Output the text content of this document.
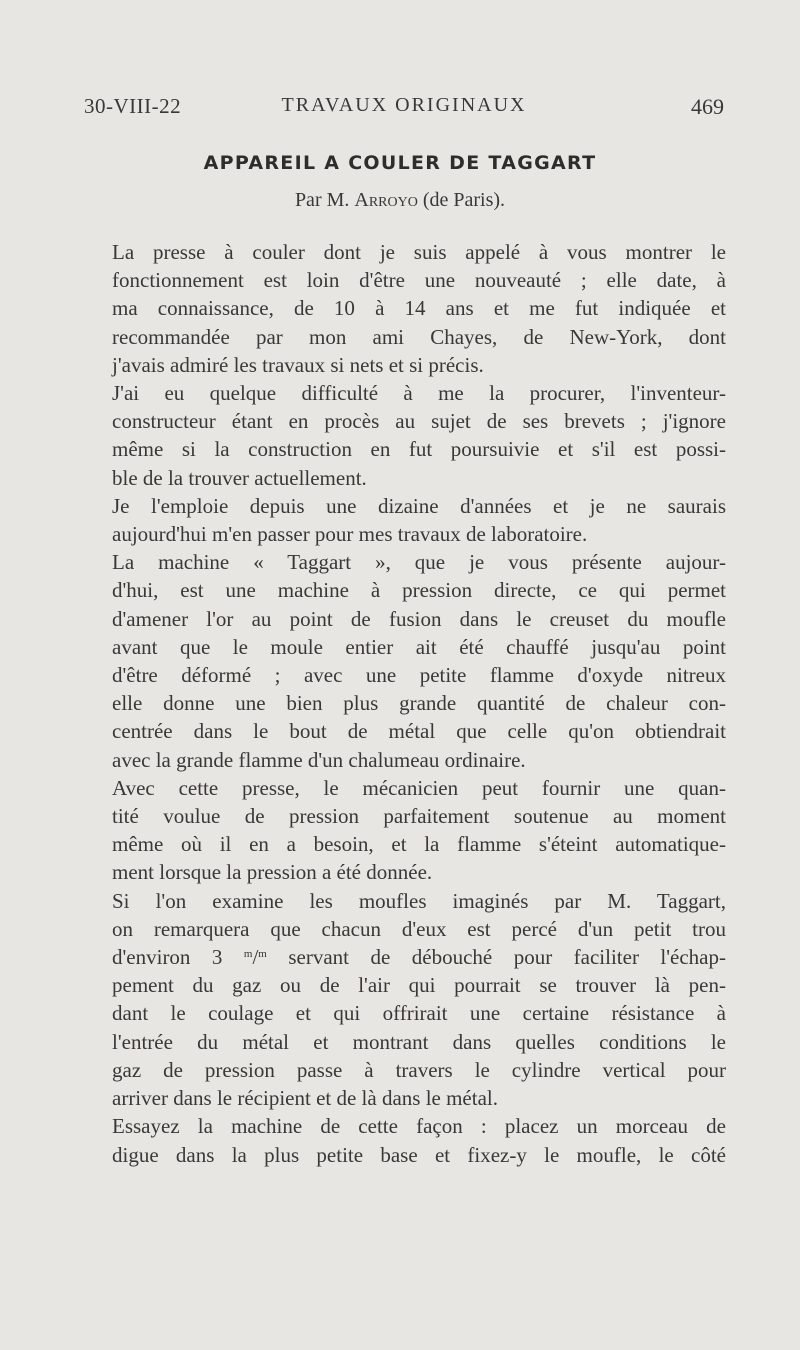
30-VIII-22	TRAVAUX ORIGINAUX	469
APPAREIL A COULER DE TAGGART
Par M. Arroyo (de Paris).

La presse à couler dont je suis appelé à vous montrer le
fonctionnement est loin d'être une nouveauté ; elle date, à
ma connaissance, de 10 à 14 ans et me fut indiquée et
recommandée par mon ami Chayes, de New-York, dont
j'avais admiré les travaux si nets et si précis.

J'ai eu quelque difficulté à me la procurer, l'inventeur-
constructeur étant en procès au sujet de ses brevets ; j'ignore
même si la construction en fut poursuivie et s'il est possi-
ble de la trouver actuellement.

Je l'emploie depuis une dizaine d'années et je ne saurais
aujourd'hui m'en passer pour mes travaux de laboratoire.

La machine « Taggart », que je vous présente aujour-
d'hui, est une machine à pression directe, ce qui permet
d'amener l'or au point de fusion dans le creuset du moufle
avant que le moule entier ait été chauffé jusqu'au point
d'être déformé ; avec une petite flamme d'oxyde nitreux
elle donne une bien plus grande quantité de chaleur con-
centrée dans le bout de métal que celle qu'on obtiendrait
avec la grande flamme d'un chalumeau ordinaire.

Avec cette presse, le mécanicien peut fournir une quan-
tité voulue de pression parfaitement soutenue au moment
même où il en a besoin, et la flamme s'éteint automatique-
ment lorsque la pression a été donnée.

Si l'on examine les moufles imaginés par M. Taggart,
on remarquera que chacun d'eux est percé d'un petit trou
d'environ 3 $^m$/$^m$ servant de débouché pour faciliter l'échap-
pement du gaz ou de l'air qui pourrait se trouver là pen-
dant le coulage et qui offrirait une certaine résistance à
l'entrée du métal et montrant dans quelles conditions le
gaz de pression passe à travers le cylindre vertical pour
arriver dans le récipient et de là dans le métal.

Essayez la machine de cette façon : placez un morceau de
digue dans la plus petite base et fixez-y le moufle, le côté
